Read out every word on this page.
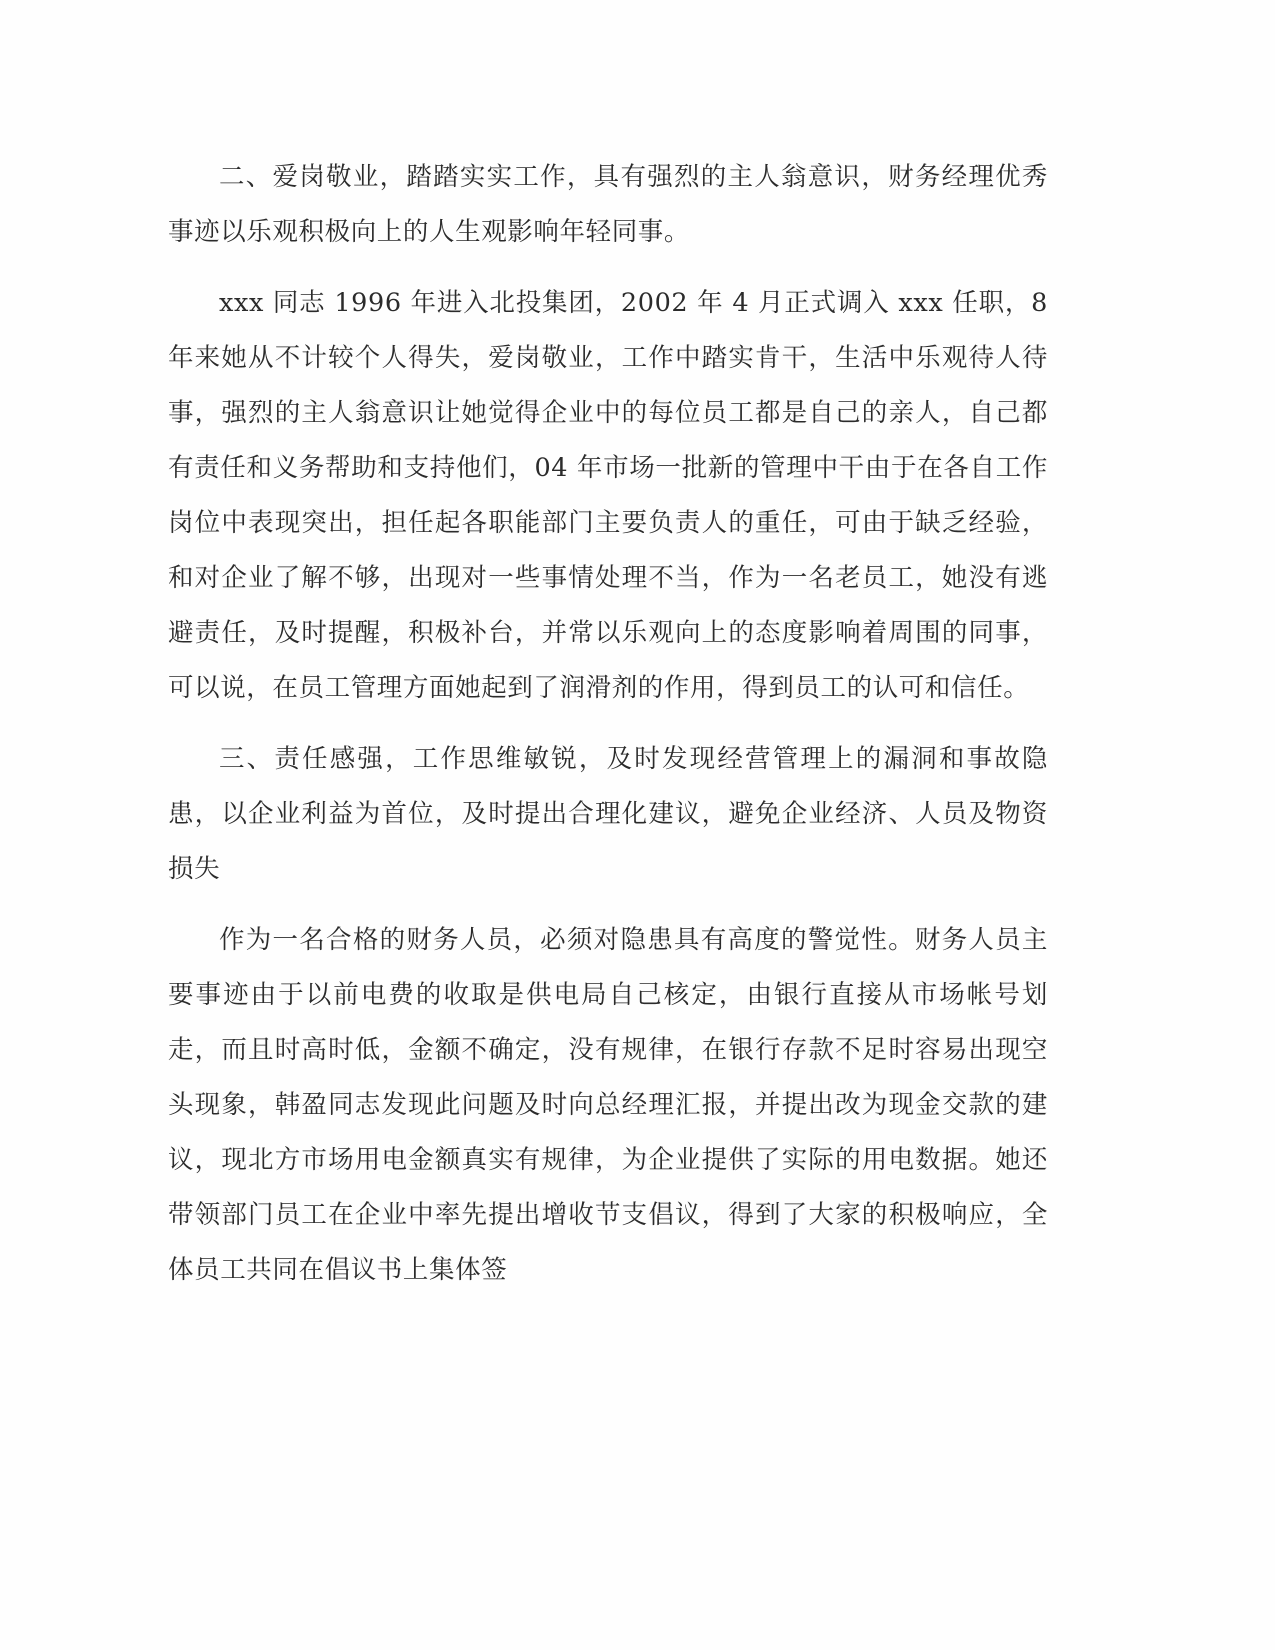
二、爱岗敬业，踏踏实实工作，具有强烈的主人翁意识，财务经理优秀事迹以乐观积极向上的人生观影响年轻同事。

xxx 同志 1996 年进入北投集团，2002 年 4 月正式调入 xxx 任职，8 年来她从不计较个人得失，爱岗敬业，工作中踏实肯干，生活中乐观待人待事，强烈的主人翁意识让她觉得企业中的每位员工都是自己的亲人，自己都有责任和义务帮助和支持他们，04 年市场一批新的管理中干由于在各自工作岗位中表现突出，担任起各职能部门主要负责人的重任，可由于缺乏经验，和对企业了解不够，出现对一些事情处理不当，作为一名老员工，她没有逃避责任，及时提醒，积极补台，并常以乐观向上的态度影响着周围的同事，可以说，在员工管理方面她起到了润滑剂的作用，得到员工的认可和信任。

三、责任感强，工作思维敏锐，及时发现经营管理上的漏洞和事故隐患，以企业利益为首位，及时提出合理化建议，避免企业经济、人员及物资损失

作为一名合格的财务人员，必须对隐患具有高度的警觉性。财务人员主要事迹由于以前电费的收取是供电局自己核定，由银行直接从市场帐号划走，而且时高时低，金额不确定，没有规律，在银行存款不足时容易出现空头现象，韩盈同志发现此问题及时向总经理汇报，并提出改为现金交款的建议，现北方市场用电金额真实有规律，为企业提供了实际的用电数据。她还带领部门员工在企业中率先提出增收节支倡议，得到了大家的积极响应，全体员工共同在倡议书上集体签
